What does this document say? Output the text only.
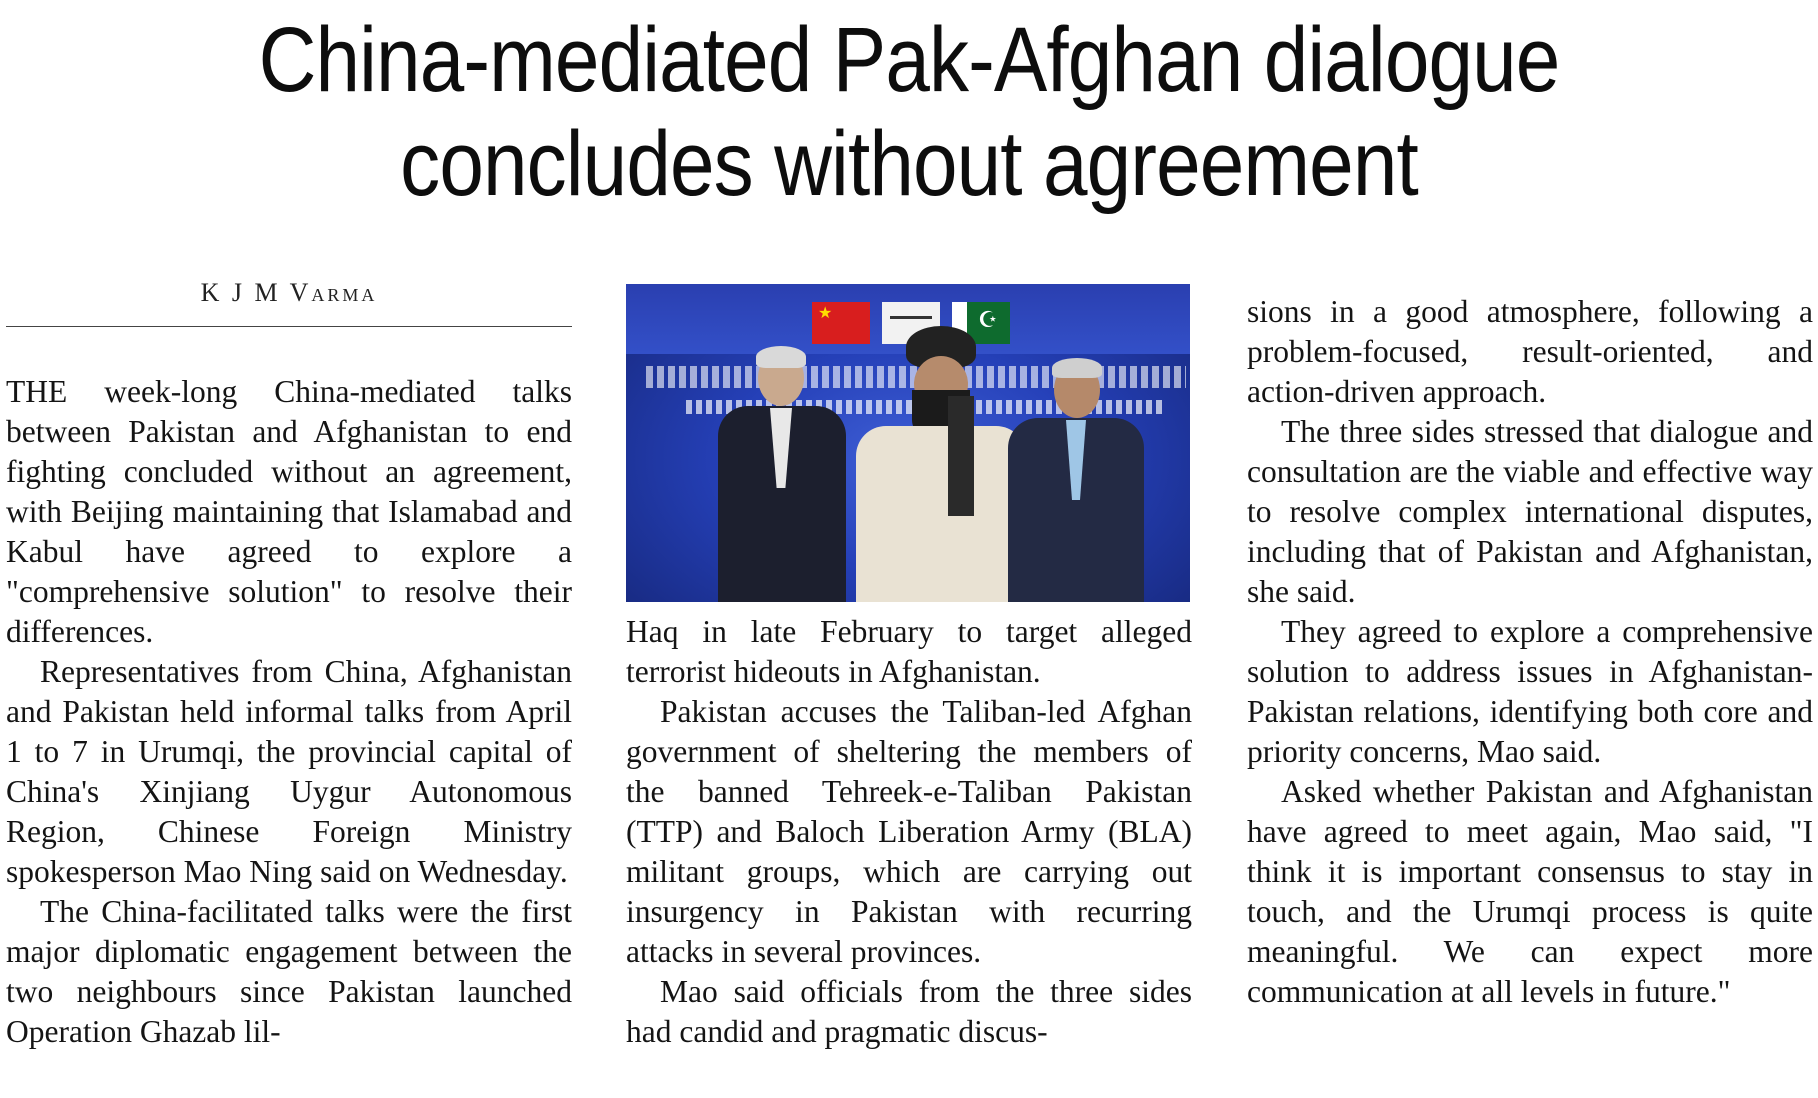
China-mediated Pak-Afghan dialogue
concludes without agreement
K J M Varma

THE week-long China-mediated talks between Pakistan and Afghanistan to end fighting concluded without an agreement, with Beijing maintaining that Islamabad and Kabul have agreed to explore a "comprehensive solution" to resolve their differences.

Representatives from China, Afghanistan and Pakistan held informal talks from April 1 to 7 in Urumqi, the provincial capital of China's Xinjiang Uygur Autonomous Region, Chinese Foreign Ministry spokesperson Mao Ning said on Wednesday.

The China-facilitated talks were the first major diplomatic engagement between the two neighbours since Pakistan launched Operation Ghazab lil-

★	☪

Haq in late February to target alleged terrorist hideouts in Afghanistan.

Pakistan accuses the Taliban-led Afghan government of sheltering the members of the banned Tehreek-e-Taliban Pakistan (TTP) and Baloch Liberation Army (BLA) militant groups, which are carrying out insurgency in Pakistan with recurring attacks in several provinces.

Mao said officials from the three sides had candid and pragmatic discus-

sions in a good atmosphere, following a problem-focused, result-oriented, and action-driven approach.

The three sides stressed that dialogue and consultation are the viable and effective way to resolve complex international disputes, including that of Pakistan and Afghanistan, she said.

They agreed to explore a comprehensive solution to address issues in Afghanistan-Pakistan relations, identifying both core and priority concerns, Mao said.

Asked whether Pakistan and Afghanistan have agreed to meet again, Mao said, "I think it is important consensus to stay in touch, and the Urumqi process is quite meaningful. We can expect more communication at all levels in future."
